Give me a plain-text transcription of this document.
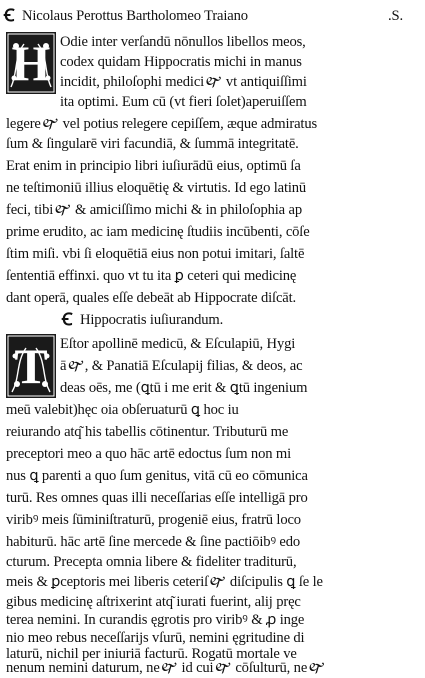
Ꞓ Nicolaus Perottus Bartholomeo Traiano	.S.
H Odie inter verſandū nōnullos libellos meos,
codex quidam Hippocratis michi in manus
incidit, philoſophi medici🙰 vt antiquiſſimi
ita optimi. Eum cū (vt fieri ſolet)aperuiſſem
legere🙰 vel potius relegere cepiſſem, æque admiratus
ſum & ſingularē viri facundiā, & ſummā integritatē.
Erat enim in principio libri iuſiurādū eius, optimū ſa
ne teſtimoniū illius eloquētię & virtutis. Id ego latinū
feci, tibi🙰 & amiciſſimo michi & in philoſophia ap
prime erudito, ac iam medicinę ſtudiis incūbenti, cōſe
ſtim miſi. vbi ſi eloquētiā eius non potui imitari, ſaltē
ſententiā effinxi. quo vt tu ita ꝑ ceteri qui medicinę
dant operā, quales eſſe debeāt ab Hippocrate diſcāt.
Ꞓ Hippocratis iuſiurandum.
T Eſtor apollinē medicū, & Eſculapiū, Hygi
ā🙰, & Panatiā Eſculapij filias, & deos, ac
deas oēs, me (ꝗtū i me erit & ꝗtū ingenium
meū valebit)hęc oia obſeruaturū ꝗ hoc iu
reiurando atq͂ his tabellis cōtinentur. Tributurū me
preceptori meo a quo hāc artē edoctus ſum non mi
nus ꝗ parenti a quo ſum genitus, vitā cū eo cōmunica
turū. Res omnes quas illi neceſſarias eſſe intelligā pro
viribꝰ meis ſūminiſtraturū, progeniē eius, fratrū loco
habiturū. hāc artē ſine mercede & ſine pactiōibꝰ edo
cturum. Precepta omnia libere & fideliter traditurū,
meis & ꝑceptoris mei liberis ceteriſ🙰 diſcipulis ꝗ ſe le
gibus medicinę aſtrixerint atq͂ iurati fuerint, alij pręc
terea nemini. In curandis ęgrotis pro viribꝰ & ꝓ inge
nio meo rebus neceſſarijs vſurū, nemini ęgritudine di
laturū, nichil per iniuriā facturū. Rogatū mortale ve
nenum nemini daturum, ne🙰 id cui🙰 cōſulturū, ne🙰
